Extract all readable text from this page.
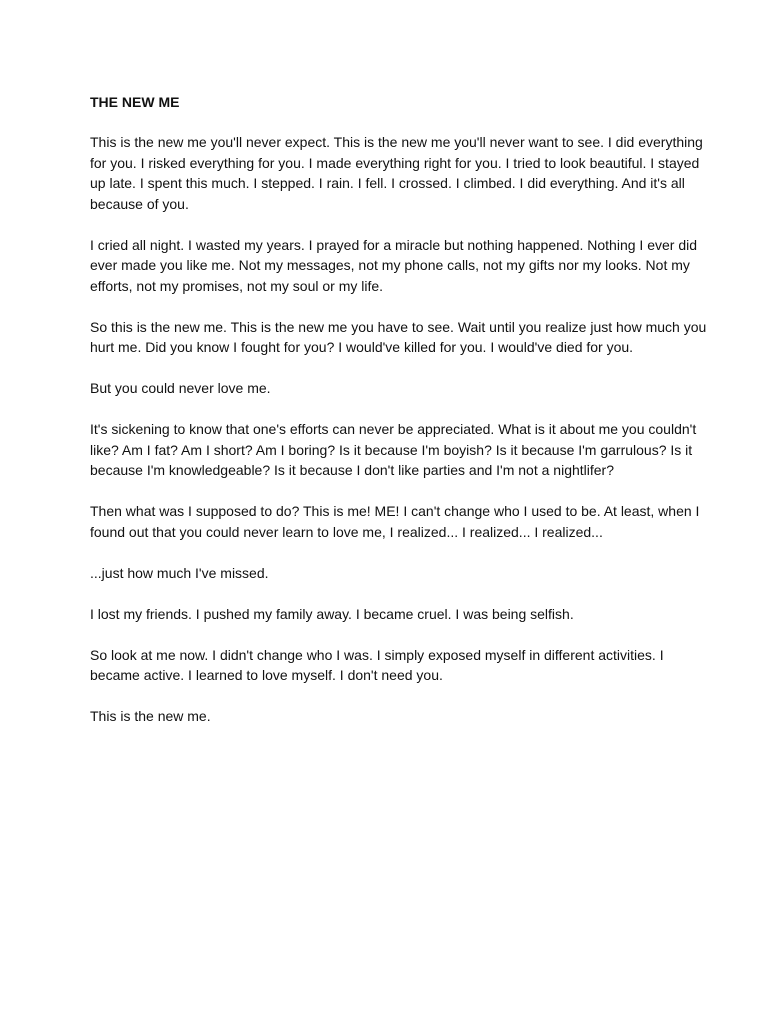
THE NEW ME

This is the new me you'll never expect. This is the new me you'll never want to see. I did everything for you. I risked everything for you. I made everything right for you. I tried to look beautiful. I stayed up late. I spent this much. I stepped. I rain. I fell. I crossed. I climbed. I did everything. And it's all because of you.

I cried all night. I wasted my years. I prayed for a miracle but nothing happened. Nothing I ever did ever made you like me. Not my messages, not my phone calls, not my gifts nor my looks. Not my efforts, not my promises, not my soul or my life.

So this is the new me. This is the new me you have to see. Wait until you realize just how much you hurt me. Did you know I fought for you? I would've killed for you. I would've died for you.

But you could never love me.

It's sickening to know that one's efforts can never be appreciated. What is it about me you couldn't like? Am I fat? Am I short? Am I boring? Is it because I'm boyish? Is it because I'm garrulous? Is it because I'm knowledgeable? Is it because I don't like parties and I'm not a nightlifer?

Then what was I supposed to do? This is me! ME! I can't change who I used to be. At least, when I found out that you could never learn to love me, I realized... I realized... I realized...

...just how much I've missed.

I lost my friends. I pushed my family away. I became cruel. I was being selfish.

So look at me now. I didn't change who I was. I simply exposed myself in different activities. I became active. I learned to love myself. I don't need you.

This is the new me.
